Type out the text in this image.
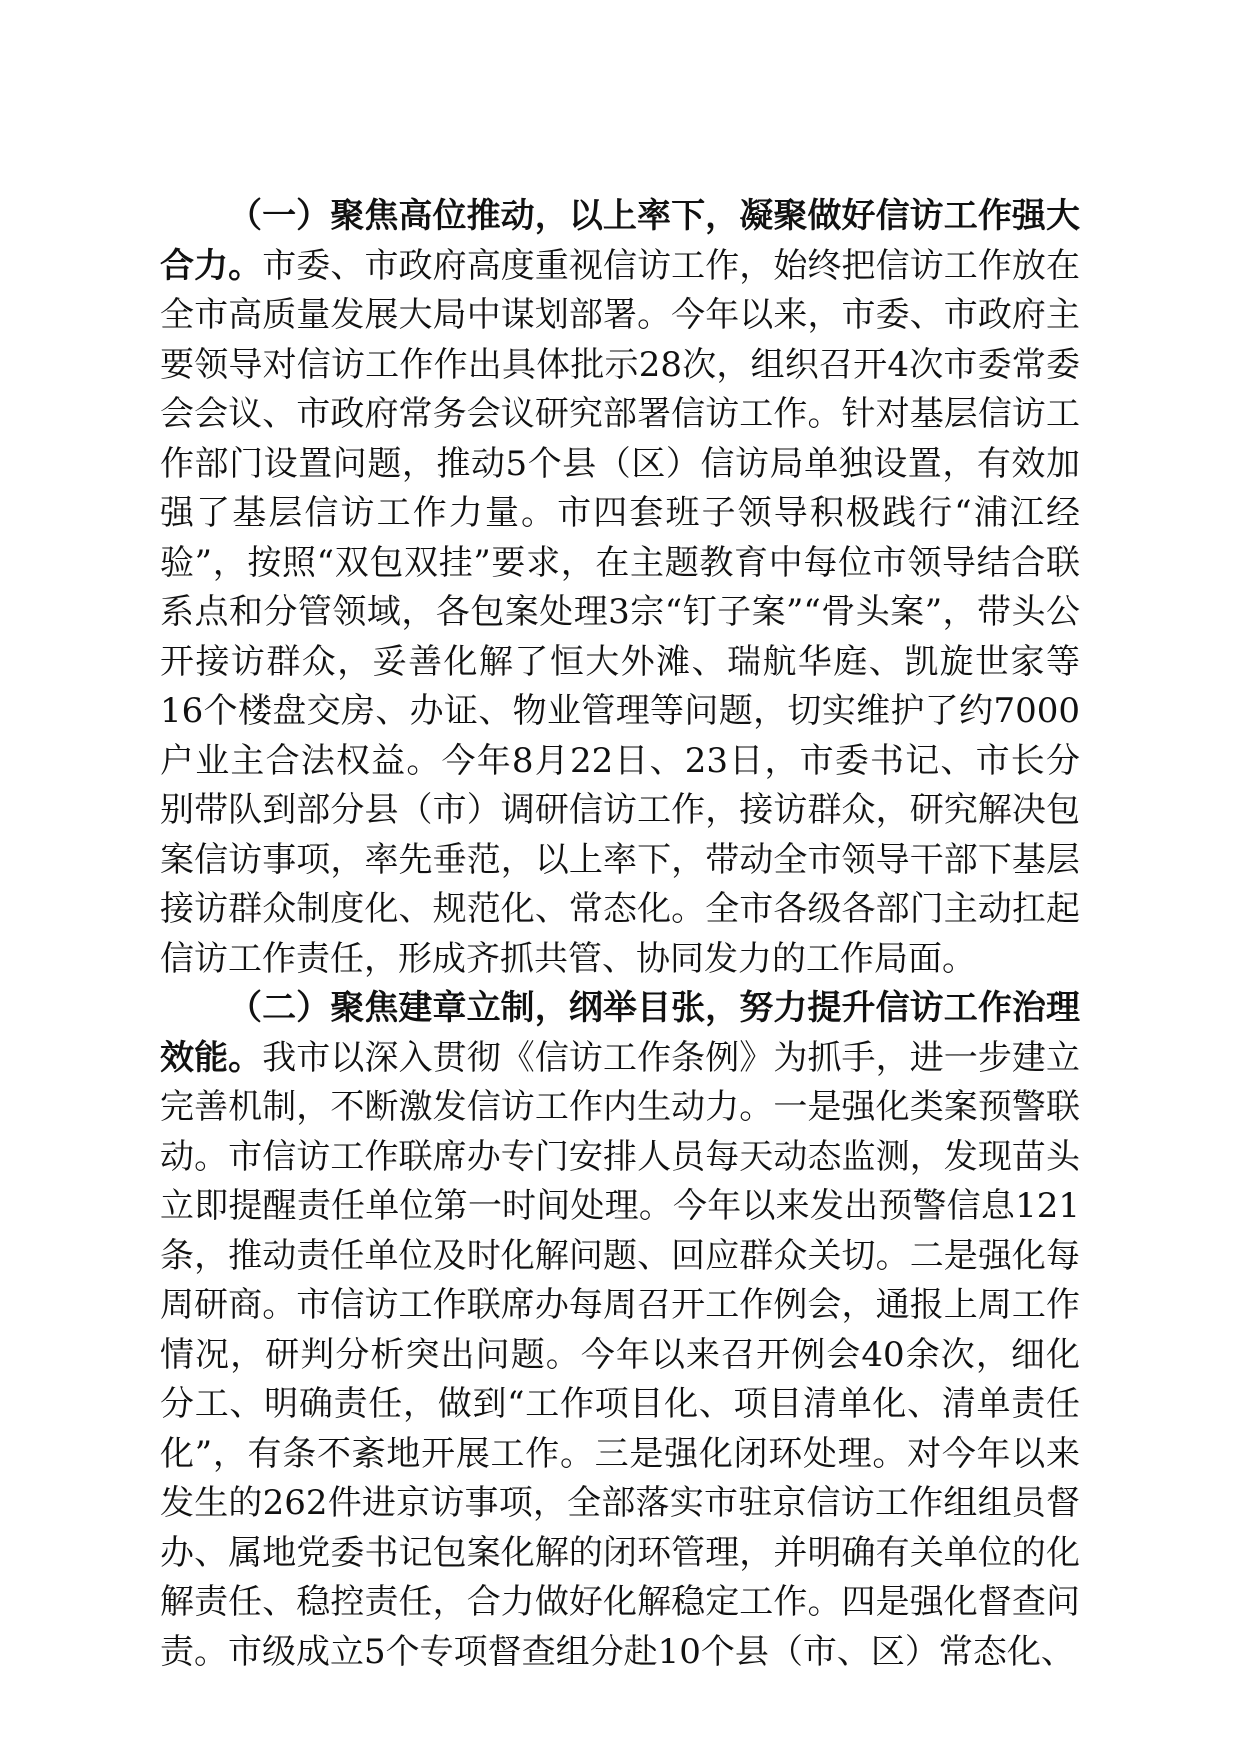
（一）聚焦高位推动，以上率下，凝聚做好信访工作强大合力。市委、市政府高度重视信访工作，始终把信访工作放在全市高质量发展大局中谋划部署。今年以来，市委、市政府主要领导对信访工作作出具体批示28次，组织召开4次市委常委会会议、市政府常务会议研究部署信访工作。针对基层信访工作部门设置问题，推动5个县（区）信访局单独设置，有效加强了基层信访工作力量。市四套班子领导积极践行“浦江经验”，按照“双包双挂”要求，在主题教育中每位市领导结合联系点和分管领域，各包案处理3宗“钉子案”“骨头案”，带头公开接访群众，妥善化解了恒大外滩、瑞航华庭、凯旋世家等16个楼盘交房、办证、物业管理等问题，切实维护了约7000户业主合法权益。今年8月22日、23日，市委书记、市长分别带队到部分县（市）调研信访工作，接访群众，研究解决包案信访事项，率先垂范，以上率下，带动全市领导干部下基层接访群众制度化、规范化、常态化。全市各级各部门主动扛起信访工作责任，形成齐抓共管、协同发力的工作局面。

（二）聚焦建章立制，纲举目张，努力提升信访工作治理效能。我市以深入贯彻《信访工作条例》为抓手，进一步建立完善机制，不断激发信访工作内生动力。一是强化类案预警联动。市信访工作联席办专门安排人员每天动态监测，发现苗头立即提醒责任单位第一时间处理。今年以来发出预警信息121条，推动责任单位及时化解问题、回应群众关切。二是强化每周研商。市信访工作联席办每周召开工作例会，通报上周工作情况，研判分析突出问题。今年以来召开例会40余次，细化分工、明确责任，做到“工作项目化、项目清单化、清单责任化”，有条不紊地开展工作。三是强化闭环处理。对今年以来发生的262件进京访事项，全部落实市驻京信访工作组组员督办、属地党委书记包案化解的闭环管理，并明确有关单位的化解责任、稳控责任，合力做好化解稳定工作。四是强化督查问责。市级成立5个专项督查组分赴10个县（市、区）常态化、
